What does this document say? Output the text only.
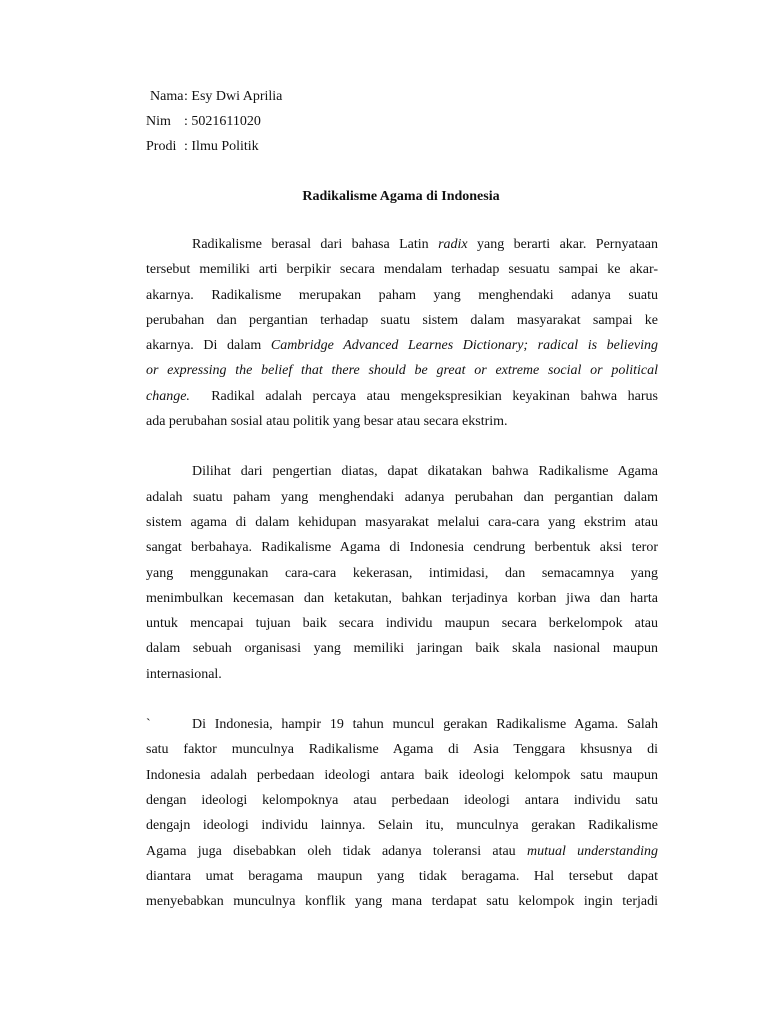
Nama : Esy Dwi Aprilia
Nim : 5021611020
Prodi : Ilmu Politik
Radikalisme Agama di Indonesia
Radikalisme berasal dari bahasa Latin radix yang berarti akar. Pernyataan
tersebut memiliki arti berpikir secara mendalam terhadap sesuatu sampai ke akar-
akarnya. Radikalisme merupakan paham yang menghendaki adanya suatu
perubahan dan pergantian terhadap suatu sistem dalam masyarakat sampai ke
akarnya. Di dalam Cambridge Advanced Learnes Dictionary; radical is believing
or expressing the belief that there should be great or extreme social or political
change.  Radikal adalah percaya atau mengekspresikian keyakinan bahwa harus
ada perubahan sosial atau politik yang besar atau secara ekstrim.
Dilihat dari pengertian diatas, dapat dikatakan bahwa Radikalisme Agama
adalah suatu paham yang menghendaki adanya perubahan dan pergantian dalam
sistem agama di dalam kehidupan masyarakat melalui cara-cara yang ekstrim atau
sangat berbahaya. Radikalisme Agama di Indonesia cendrung berbentuk aksi teror
yang menggunakan cara-cara kekerasan, intimidasi, dan semacamnya yang
menimbulkan kecemasan dan ketakutan, bahkan terjadinya korban jiwa dan harta
untuk mencapai tujuan baik secara individu maupun secara berkelompok atau
dalam sebuah organisasi yang memiliki jaringan baik skala nasional maupun
internasional.
`	Di Indonesia, hampir 19 tahun muncul gerakan Radikalisme Agama. Salah
satu faktor munculnya Radikalisme Agama di Asia Tenggara khsusnya di
Indonesia adalah perbedaan ideologi antara baik ideologi kelompok satu maupun
dengan ideologi kelompoknya atau perbedaan ideologi antara individu satu
dengajn ideologi individu lainnya. Selain itu, munculnya gerakan Radikalisme
Agama juga disebabkan oleh tidak adanya toleransi atau mutual understanding
diantara umat beragama maupun yang tidak beragama. Hal tersebut dapat
menyebabkan munculnya konflik yang mana terdapat satu kelompok ingin terjadi
